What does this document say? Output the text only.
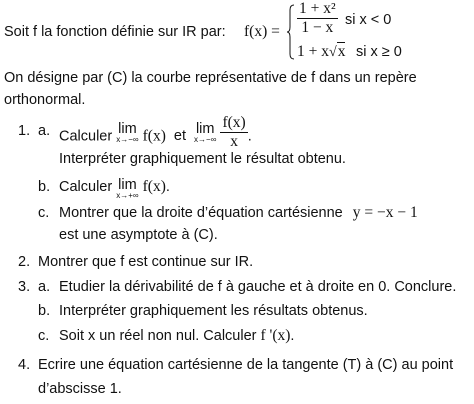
Soit f la fonction définie sur IR par: $f(x) = \frac{\text{1 + x²}}{1 - x}$ si x < 0
1 + x√x si x ≥ 0
On désigne par (C) la courbe représentative de f dans un repère
orthonormal.
1. a. Calculer lim
x→−∞ f(x) et lim
x→−∞
$\frac{f(x)}{x}$ .
Interpréter graphiquement le résultat obtenu.
b. Calculer lim
x→+∞
f(x).
c. Montrer que la droite d’équation cartésienne y = −x − 1
est une asymptote à (C).
2. Montrer que f est continue sur IR.
3. a. Etudier la dérivabilité de f à gauche et à droite en 0. Conclure.
b. Interpréter graphiquement les résultats obtenus.
c. Soit x un réel non nul. Calculer f '(x).
4. Ecrire une équation cartésienne de la tangente (T) à (C) au point
d’abscisse 1.
